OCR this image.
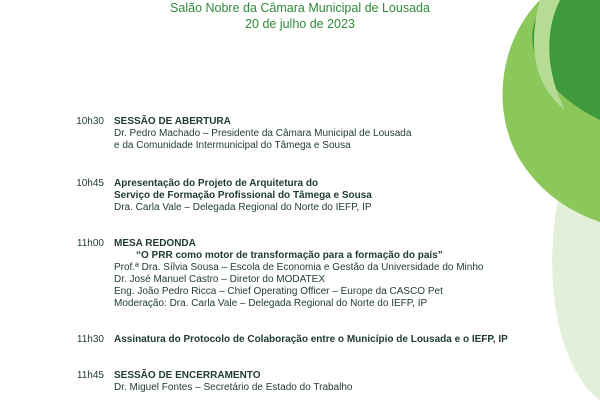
Salão Nobre da Câmara Municipal de Lousada
20 de julho de 2023
10h30 SESSÃO DE ABERTURA
Dr. Pedro Machado – Presidente da Câmara Municipal de Lousada
e da Comunidade Intermunicipal do Tâmega e Sousa
10h45 Apresentação do Projeto de Arquitetura do
Serviço de Formação Profissional do Tâmega e Sousa
Dra. Carla Vale – Delegada Regional do Norte do IEFP, IP
11h00 MESA REDONDA
“O PRR como motor de transformação para a formação do país”
Prof.ª Dra. Sílvia Sousa – Escola de Economia e Gestão da Universidade do Minho
Dr. José Manuel Castro – Diretor do MODATEX
Eng. João Pedro Ricca – Chief Operating Officer – Europe da CASCO Pet
Moderação: Dra. Carla Vale – Delegada Regional do Norte do IEFP, IP
11h30 Assinatura do Protocolo de Colaboração entre o Município de Lousada e o IEFP, IP
11h45 SESSÃO DE ENCERRAMENTO
Dr. Miguel Fontes – Secretário de Estado do Trabalho
